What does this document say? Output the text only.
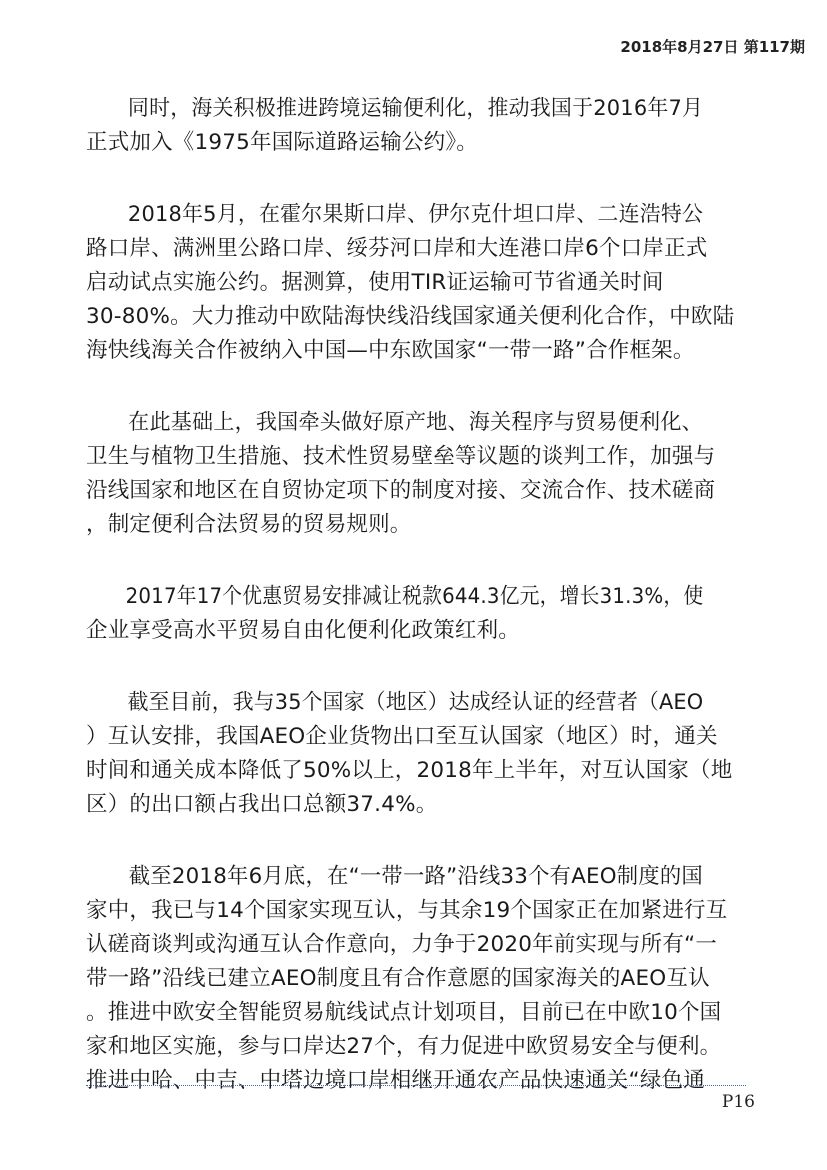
2018年8月27日 第117期
同时，海关积极推进跨境运输便利化，推动我国于2016年7月
正式加入《1975年国际道路运输公约》。
2018年5月，在霍尔果斯口岸、伊尔克什坦口岸、二连浩特公
路口岸、满洲里公路口岸、绥芬河口岸和大连港口岸6个口岸正式
启动试点实施公约。据测算，使用TIR证运输可节省通关时间
30-80%。大力推动中欧陆海快线沿线国家通关便利化合作，中欧陆
海快线海关合作被纳入中国—中东欧国家“一带一路”合作框架。
在此基础上，我国牵头做好原产地、海关程序与贸易便利化、
卫生与植物卫生措施、技术性贸易壁垒等议题的谈判工作，加强与
沿线国家和地区在自贸协定项下的制度对接、交流合作、技术磋商
，制定便利合法贸易的贸易规则。
2017年17个优惠贸易安排减让税款644.3亿元，增长31.3%，使
企业享受高水平贸易自由化便利化政策红利。
截至目前，我与35个国家（地区）达成经认证的经营者（AEO
）互认安排，我国AEO企业货物出口至互认国家（地区）时，通关
时间和通关成本降低了50%以上，2018年上半年，对互认国家（地
区）的出口额占我出口总额37.4%。
截至2018年6月底，在“一带一路”沿线33个有AEO制度的国
家中，我已与14个国家实现互认，与其余19个国家正在加紧进行互
认磋商谈判或沟通互认合作意向，力争于2020年前实现与所有“一
带一路”沿线已建立AEO制度且有合作意愿的国家海关的AEO互认
。推进中欧安全智能贸易航线试点计划项目，目前已在中欧10个国
家和地区实施，参与口岸达27个，有力促进中欧贸易安全与便利。
推进中哈、中吉、中塔边境口岸相继开通农产品快速通关“绿色通
P16
